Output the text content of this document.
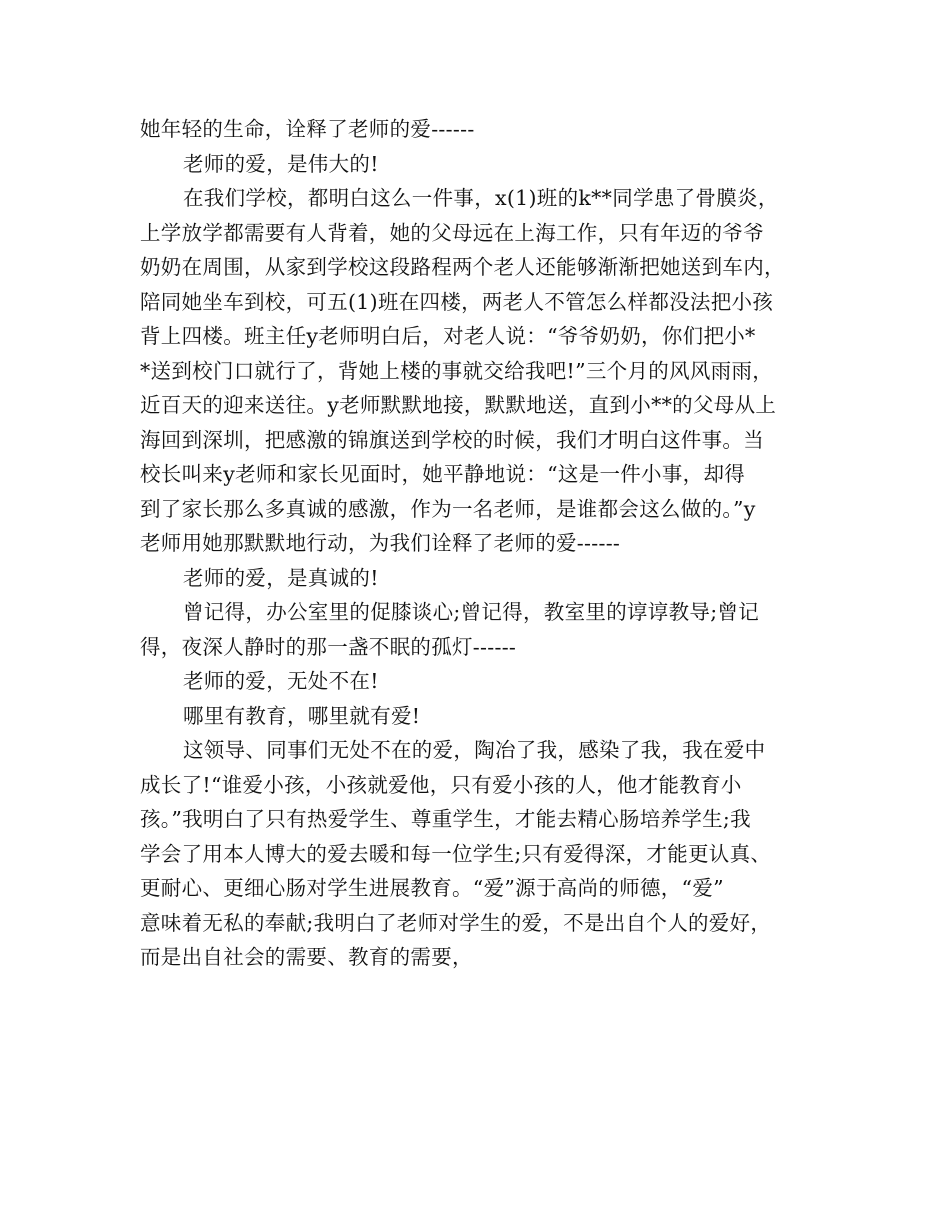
她年轻的生命，诠释了老师的爱------
老师的爱，是伟大的!
在我们学校，都明白这么一件事，x(1)班的k**同学患了骨膜炎，
上学放学都需要有人背着，她的父母远在上海工作，只有年迈的爷爷
奶奶在周围，从家到学校这段路程两个老人还能够渐渐把她送到车内，
陪同她坐车到校，可五(1)班在四楼，两老人不管怎么样都没法把小孩
背上四楼。班主任y老师明白后，对老人说：“爷爷奶奶，你们把小*
*送到校门口就行了，背她上楼的事就交给我吧!”三个月的风风雨雨，
近百天的迎来送往。y老师默默地接，默默地送，直到小**的父母从上
海回到深圳，把感激的锦旗送到学校的时候，我们才明白这件事。当
校长叫来y老师和家长见面时，她平静地说：“这是一件小事，却得
到了家长那么多真诚的感激，作为一名老师，是谁都会这么做的。”y
老师用她那默默地行动，为我们诠释了老师的爱------
老师的爱，是真诚的!
曾记得，办公室里的促膝谈心;曾记得，教室里的谆谆教导;曾记
得，夜深人静时的那一盏不眠的孤灯------
老师的爱，无处不在!
哪里有教育，哪里就有爱!
这领导、同事们无处不在的爱，陶冶了我，感染了我，我在爱中
成长了!“谁爱小孩，小孩就爱他，只有爱小孩的人，他才能教育小
孩。”我明白了只有热爱学生、尊重学生，才能去精心肠培养学生;我
学会了用本人博大的爱去暖和每一位学生;只有爱得深，才能更认真、
更耐心、更细心肠对学生进展教育。“爱”源于高尚的师德，“爱”
意味着无私的奉献;我明白了老师对学生的爱，不是出自个人的爱好，
而是出自社会的需要、教育的需要，
